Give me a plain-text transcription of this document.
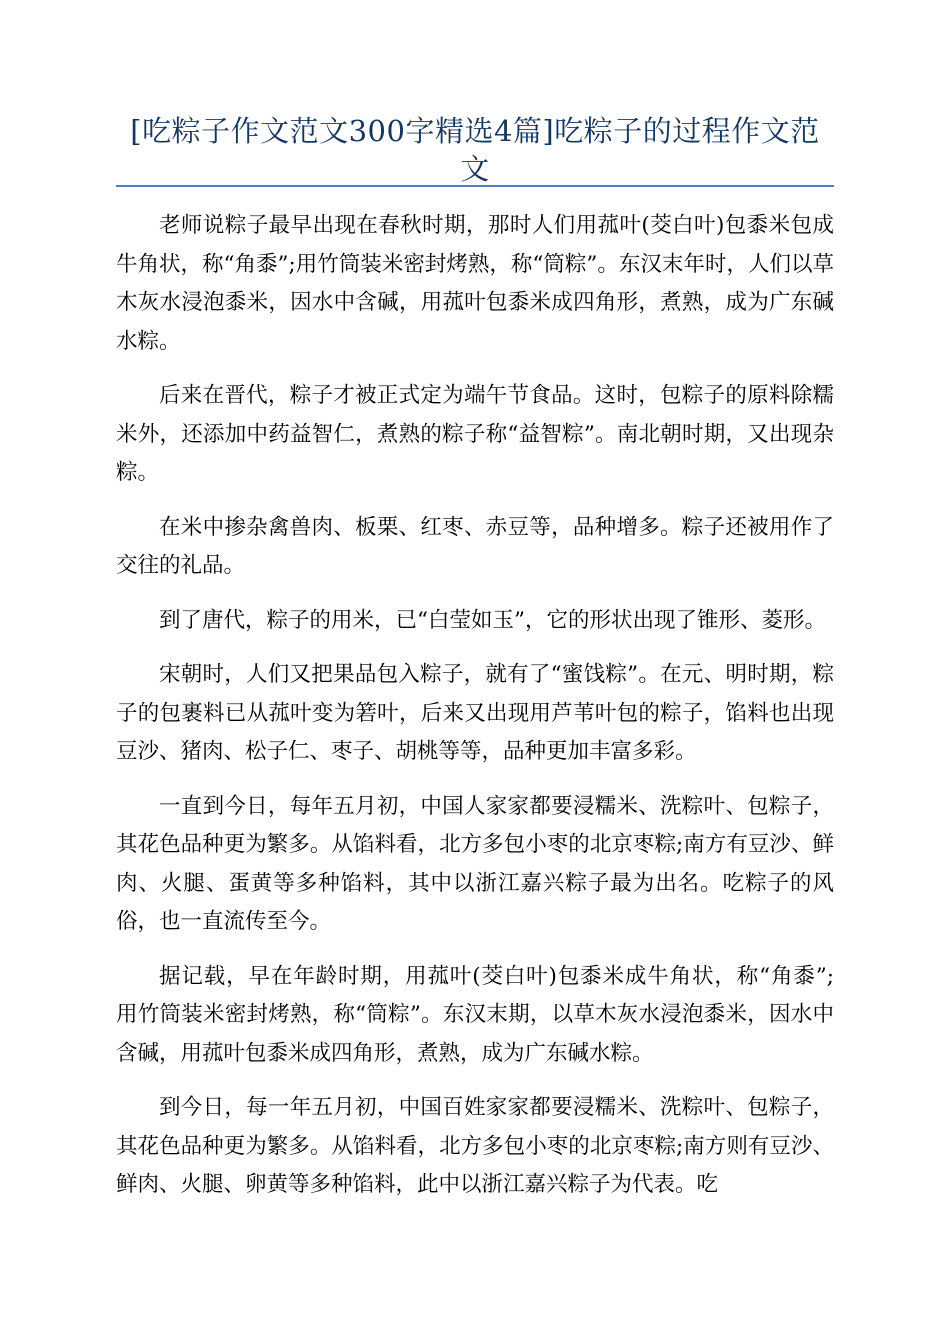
[吃粽子作文范文300字精选4篇]吃粽子的过程作文范文

老师说粽子最早出现在春秋时期，那时人们用菰叶(茭白叶)包黍米包成牛角状，称“角黍”;用竹筒装米密封烤熟，称“筒粽”。东汉末年时，人们以草木灰水浸泡黍米，因水中含碱，用菰叶包黍米成四角形，煮熟，成为广东碱水粽。

后来在晋代，粽子才被正式定为端午节食品。这时，包粽子的原料除糯米外，还添加中药益智仁，煮熟的粽子称“益智粽”。南北朝时期，又出现杂粽。

在米中掺杂禽兽肉、板栗、红枣、赤豆等，品种增多。粽子还被用作了交往的礼品。

到了唐代，粽子的用米，已“白莹如玉”，它的形状出现了锥形、菱形。

宋朝时，人们又把果品包入粽子，就有了“蜜饯粽”。在元、明时期，粽子的包裹料已从菰叶变为箬叶，后来又出现用芦苇叶包的粽子，馅料也出现豆沙、猪肉、松子仁、枣子、胡桃等等，品种更加丰富多彩。

一直到今日，每年五月初，中国人家家都要浸糯米、洗粽叶、包粽子，其花色品种更为繁多。从馅料看，北方多包小枣的北京枣粽;南方有豆沙、鲜肉、火腿、蛋黄等多种馅料，其中以浙江嘉兴粽子最为出名。吃粽子的风俗，也一直流传至今。

据记载，早在年龄时期，用菰叶(茭白叶)包黍米成牛角状，称“角黍”; 用竹筒装米密封烤熟，称“筒粽”。东汉末期，以草木灰水浸泡黍米，因水中含碱，用菰叶包黍米成四角形，煮熟，成为广东碱水粽。

到今日，每一年五月初，中国百姓家家都要浸糯米、洗粽叶、包粽子，其花色品种更为繁多。从馅料看，北方多包小枣的北京枣粽;南方则有豆沙、鲜肉、火腿、卵黄等多种馅料，此中以浙江嘉兴粽子为代表。吃
